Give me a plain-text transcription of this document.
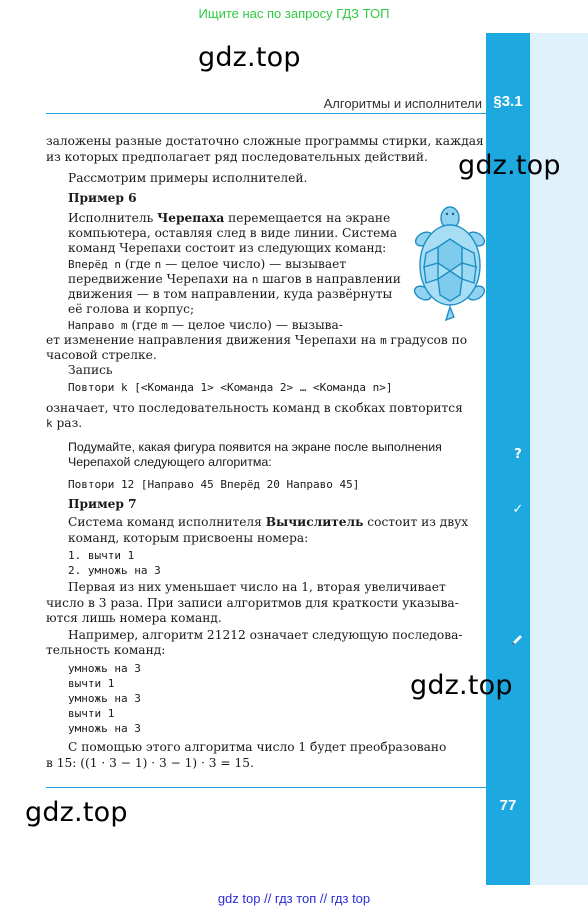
Ищите нас по запросу ГДЗ ТОП
gdz.top
gdz.top
gdz.top
gdz.top
Алгоритмы и исполнители §3.1
заложены разные достаточно сложные программы стирки, каждая
из которых предполагает ряд последовательных действий.
Рассмотрим примеры исполнителей.
Пример 6
Исполнитель Черепаха перемещается на экране
компьютера, оставляя след в виде линии. Система
команд Черепахи состоит из следующих команд:
Вперёд n (где n — целое число) — вызывает
передвижение Черепахи на n шагов в направлении
движения — в том направлении, куда развёрнуты
её голова и корпус;
Направо m (где m — целое число) — вызыва-
ет изменение направления движения Черепахи на m градусов по
часовой стрелке.
Запись
Повтори k [<Команда 1> <Команда 2> … <Команда n>]
означает, что последовательность команд в скобках повторится
k раз.
Подумайте, какая фигура появится на экране после выполнения
Черепахой следующего алгоритма:
Повтори 12 [Направо 45 Вперёд 20 Направо 45]
?
Пример 7	✓
Система команд исполнителя Вычислитель состоит из двух
команд, которым присвоены номера:
1. вычти 1
2. умножь на 3
Первая из них уменьшает число на 1, вторая увеличивает
число в 3 раза. При записи алгоритмов для краткости указыва-
ются лишь номера команд.
Например, алгоритм 21212 означает следующую последова-
тельность команд:
умножь на 3
вычти 1
умножь на 3
вычти 1
умножь на 3
С помощью этого алгоритма число 1 будет преобразовано
в 15: ((1 · 3 − 1) · 3 − 1) · 3 = 15.
77
gdz top // гдз топ // гдз top
